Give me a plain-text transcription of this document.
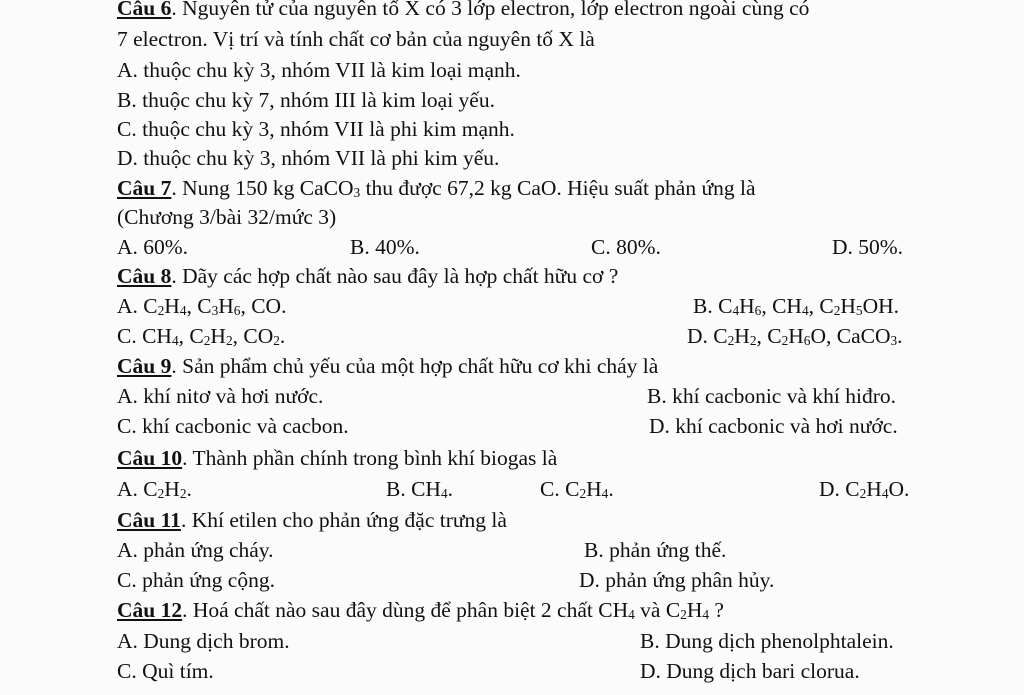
Câu 6. Nguyên tử của nguyên tố X có 3 lớp electron, lớp electron ngoài cùng có
7 electron. Vị trí và tính chất cơ bản của nguyên tố X là
A. thuộc chu kỳ 3, nhóm VII là kim loại mạnh.
B. thuộc chu kỳ 7, nhóm III là kim loại yếu.
C. thuộc chu kỳ 3, nhóm VII là phi kim mạnh.
D. thuộc chu kỳ 3, nhóm VII là phi kim yếu.
Câu 7. Nung 150 kg CaCO$_3$ thu được 67,2 kg CaO. Hiệu suất phản ứng là
(Chương 3/bài 32/mức 3)
A. 60%.	B. 40%.	C. 80%.	D. 50%.
Câu 8. Dãy các hợp chất nào sau đây là hợp chất hữu cơ ?
A. $C_2H_4$, $C_3H_6$, CO.	B. $C_4H_6$, $CH_4$, $C_2H_5OH$.
C. $CH_4$, $C_2H_2$, $CO_2$.	D. $C_2H_2$, $C_2H_6O$, CaCO$_3$.
Câu 9. Sản phẩm chủ yếu của một hợp chất hữu cơ khi cháy là
A. khí nitơ và hơi nước.	B. khí cacbonic và khí hiđro.
C. khí cacbonic và cacbon.	D. khí cacbonic và hơi nước.
Câu 10. Thành phần chính trong bình khí biogas là
A. $C_2H_2$.	B. $CH_4$.	C. $C_2H_4$.	D. $C_2H_4O$.
Câu 11. Khí etilen cho phản ứng đặc trưng là
A. phản ứng cháy.	B. phản ứng thế.
C. phản ứng cộng.	D. phản ứng phân hủy.
Câu 12. Hoá chất nào sau đây dùng để phân biệt 2 chất $CH_4$ và $C_2H_4$ ?
A. Dung dịch brom.	B. Dung dịch phenolphtalein.
C. Quì tím.	D. Dung dịch bari clorua.
